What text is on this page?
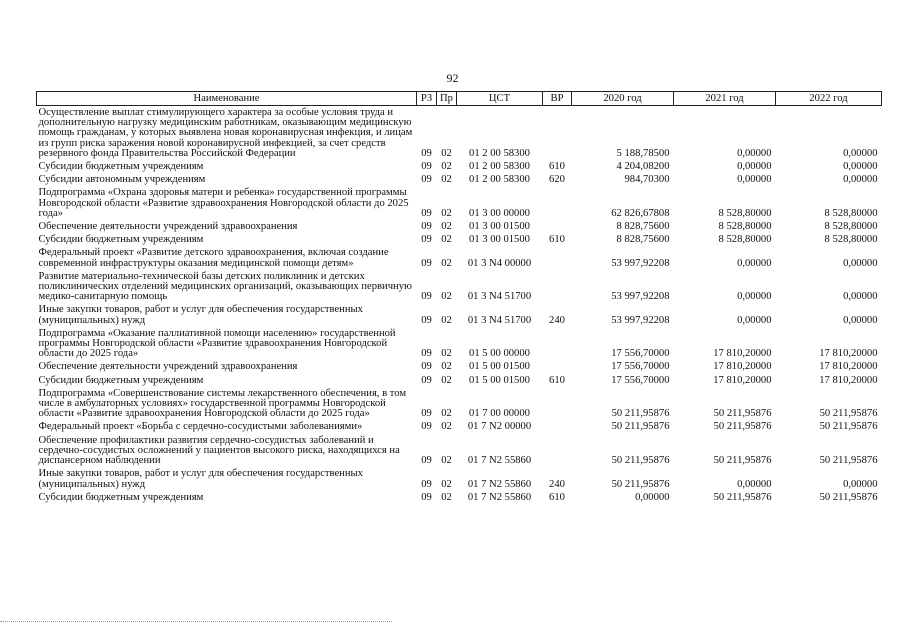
92
Наименование	РЗ	Пр	ЦСТ	ВР	2020 год	2021 год	2022 год
Осуществление выплат стимулирующего характера за особые условия труда и дополнительную нагрузку медицинским работникам, оказывающим медицинскую помощь гражданам, у которых выявлена новая коронавирусная инфекция, и лицам из групп риска заражения новой коронавирусной инфекцией, за счет средств резервного фонда Правительства Российской Федерации	09	02	01 2 00 58300		5 188,78500	0,00000	0,00000
Субсидии бюджетным учреждениям	09	02	01 2 00 58300	610	4 204,08200	0,00000	0,00000
Субсидии автономным учреждениям	09	02	01 2 00 58300	620	984,70300	0,00000	0,00000
Подпрограмма «Охрана здоровья матери и ребенка» государственной программы Новгородской области «Развитие здравоохранения Новгородской области до 2025 года»	09	02	01 3 00 00000		62 826,67808	8 528,80000	8 528,80000
Обеспечение деятельности учреждений здравоохранения	09	02	01 3 00 01500		8 828,75600	8 528,80000	8 528,80000
Субсидии бюджетным учреждениям	09	02	01 3 00 01500	610	8 828,75600	8 528,80000	8 528,80000
Федеральный проект «Развитие детского здравоохранения, включая создание современной инфраструктуры оказания медицинской помощи детям»	09	02	01 3 N4 00000		53 997,92208	0,00000	0,00000
Развитие материально-технической базы детских поликлиник и детских поликлинических отделений медицинских организаций, оказывающих первичную медико-санитарную помощь	09	02	01 3 N4 51700		53 997,92208	0,00000	0,00000
Иные закупки товаров, работ и услуг для обеспечения государственных (муниципальных) нужд	09	02	01 3 N4 51700	240	53 997,92208	0,00000	0,00000
Подпрограмма «Оказание паллиативной помощи населению» государственной программы Новгородской области «Развитие здравоохранения Новгородской области до 2025 года»	09	02	01 5 00 00000		17 556,70000	17 810,20000	17 810,20000
Обеспечение деятельности учреждений здравоохранения	09	02	01 5 00 01500		17 556,70000	17 810,20000	17 810,20000
Субсидии бюджетным учреждениям	09	02	01 5 00 01500	610	17 556,70000	17 810,20000	17 810,20000
Подпрограмма «Совершенствование системы лекарственного обеспечения, в том числе в амбулаторных условиях» государственной программы Новгородской области «Развитие здравоохранения Новгородской области до 2025 года»	09	02	01 7 00 00000		50 211,95876	50 211,95876	50 211,95876
Федеральный проект «Борьба с сердечно-сосудистыми заболеваниями»	09	02	01 7 N2 00000		50 211,95876	50 211,95876	50 211,95876
Обеспечение профилактики развития сердечно-сосудистых заболеваний и сердечно-сосудистых осложнений у пациентов высокого риска, находящихся на диспансерном наблюдении	09	02	01 7 N2 55860		50 211,95876	50 211,95876	50 211,95876
Иные закупки товаров, работ и услуг для обеспечения государственных (муниципальных) нужд	09	02	01 7 N2 55860	240	50 211,95876	0,00000	0,00000
Субсидии бюджетным учреждениям	09	02	01 7 N2 55860	610	0,00000	50 211,95876	50 211,95876
